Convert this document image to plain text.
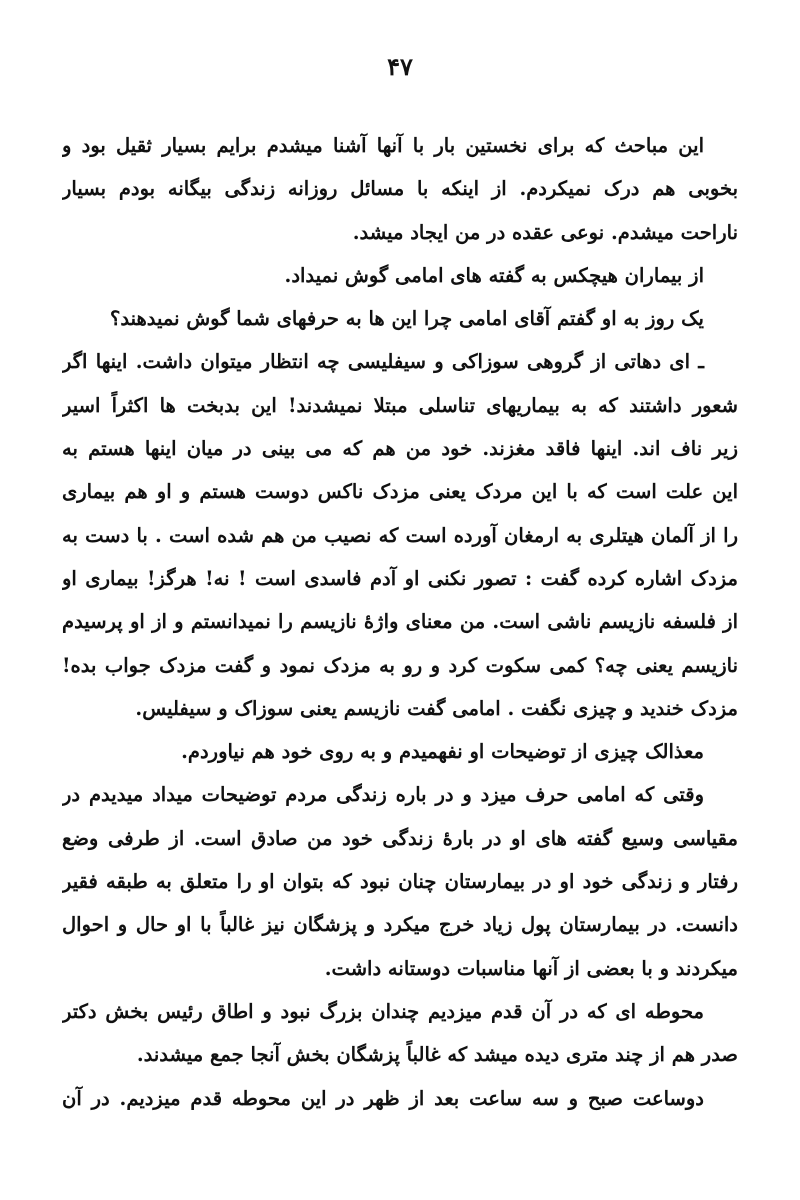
۴۷
این مباحث که برای نخستین بار با آنها آشنا میشدم برایم بسیار ثقیل بود و
بخوبی هم درک نمیکردم. از اینکه با مسائل روزانه زندگی بیگانه بودم بسیار
ناراحت میشدم. نوعی عقده در من ایجاد میشد.
از بیماران هیچکس به گفته های امامی گوش نمیداد.
یک روز به او گفتم آقای امامی چرا این ها به حرفهای شما گوش نمیدهند؟
ـ ای دهاتی از گروهی سوزاکی و سیفلیسی چه انتظار میتوان داشت. اینها اگر
شعور داشتند که به بیماریهای تناسلی مبتلا نمیشدند! این بدبخت ها اکثراً اسیر
زیر ناف اند. اینها فاقد مغزند. خود من هم که می بینی در میان اینها هستم به
این علت است که با این مردک یعنی مزدک ناکس دوست هستم و او هم بیماری
را از آلمان هیتلری به ارمغان آورده است که نصیب من هم شده است . با دست به
مزدک اشاره کرده گفت : تصور نکنی او آدم فاسدی است ! نه! هرگز! بیماری او
از فلسفه نازیسم ناشی است. من معنای واژهٔ نازیسم را نمیدانستم و از او پرسیدم
نازیسم یعنی چه؟ کمی سکوت کرد و رو به مزدک نمود و گفت مزدک جواب بده!
مزدک خندید و چیزی نگفت . امامی گفت نازیسم یعنی سوزاک و سیفلیس.
معذالک چیزی از توضیحات او نفهمیدم و به روی خود هم نیاوردم.
وقتی که امامی حرف میزد و در باره زندگی مردم توضیحات میداد میدیدم در
مقیاسی وسیع گفته های او در بارهٔ زندگی خود من صادق است. از طرفی وضع
رفتار و زندگی خود او در بیمارستان چنان نبود که بتوان او را متعلق به طبقه فقیر
دانست. در بیمارستان پول زیاد خرج میکرد و پزشگان نیز غالباً با او حال و احوال
میکردند و با بعضی از آنها مناسبات دوستانه داشت.
محوطه ای که در آن قدم میزدیم چندان بزرگ نبود و اطاق رئیس بخش دکتر
صدر هم از چند متری دیده میشد که غالباً پزشگان بخش آنجا جمع میشدند.
دوساعت صبح و سه ساعت بعد از ظهر در این محوطه قدم میزدیم. در آن
